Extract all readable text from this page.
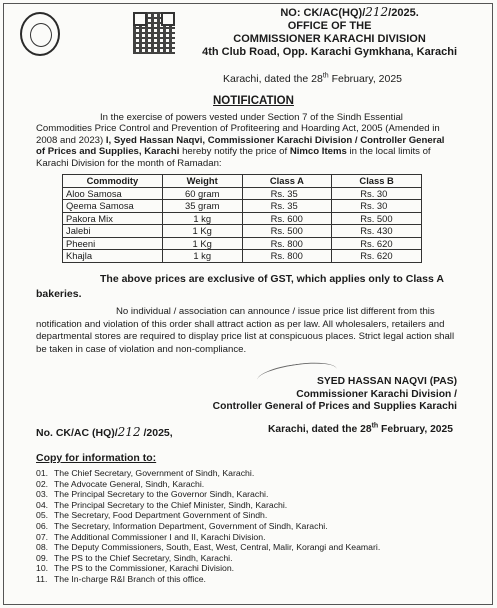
NO: CK/AC(HQ)/212/2025.
OFFICE OF THE
COMMISSIONER KARACHI DIVISION
4th Club Road, Opp. Karachi Gymkhana, Karachi
Karachi, dated the 28th February, 2025
NOTIFICATION
In the exercise of powers vested under Section 7 of the Sindh Essential Commodities Price Control and Prevention of Profiteering and Hoarding Act, 2005 (Amended in 2008 and 2023) I, Syed Hassan Naqvi, Commissioner Karachi Division / Controller General of Prices and Supplies, Karachi hereby notify the price of Nimco Items in the local limits of Karachi Division for the month of Ramadan:
Commodity	Weight	Class A	Class B
Aloo Samosa	60 gram	Rs. 35	Rs. 30
Qeema Samosa	35 gram	Rs. 35	Rs. 30
Pakora Mix	1 kg	Rs. 600	Rs. 500
Jalebi	1 Kg	Rs. 500	Rs. 430
Pheeni	1 Kg	Rs. 800	Rs. 620
Khajla	1 kg	Rs. 800	Rs. 620
The above prices are exclusive of GST, which applies only to Class A bakeries.
No individual / association can announce / issue price list different from this notification and violation of this order shall attract action as per law. All wholesalers, retailers and departmental stores are required to display price list at conspicuous places. Strict legal action shall be taken in case of violation and non-compliance.
SYED HASSAN NAQVI (PAS)
Commissioner Karachi Division /
Controller General of Prices and Supplies Karachi
No. CK/AC (HQ)/212 /2025,	Karachi, dated the 28th February, 2025
Copy for information to:
01. The Chief Secretary, Government of Sindh, Karachi.
02. The Advocate General, Sindh, Karachi.
03. The Principal Secretary to the Governor Sindh, Karachi.
04. The Principal Secretary to the Chief Minister, Sindh, Karachi.
05. The Secretary, Food Department Government of Sindh.
06. The Secretary, Information Department, Government of Sindh, Karachi.
07. The Additional Commissioner I and II, Karachi Division.
08. The Deputy Commissioners, South, East, West, Central, Malir, Korangi and Keamari.
09. The PS to the Chief Secretary, Sindh, Karachi.
10. The PS to the Commissioner, Karachi Division.
11. The In-charge R&I Branch of this office.
